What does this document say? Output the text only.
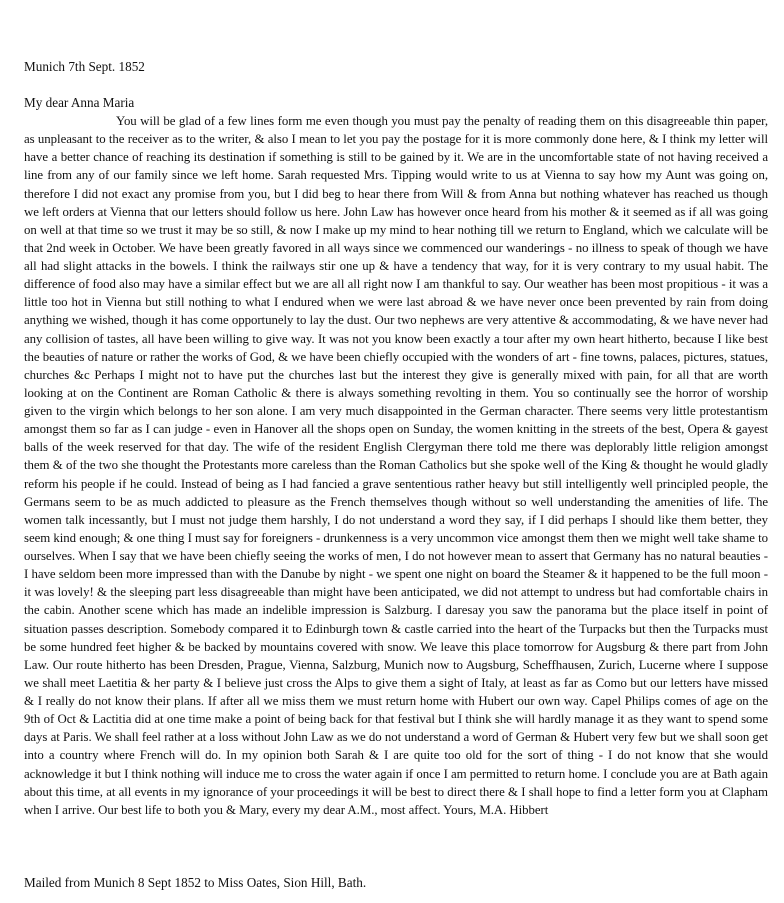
Munich 7th Sept. 1852
My dear Anna Maria

You will be glad of a few lines form me even though you must pay the penalty of reading them on this disagreeable thin paper, as unpleasant to the receiver as to the writer, & also I mean to let you pay the postage for it is more commonly done here, & I think my letter will have a better chance of reaching its destination if something is still to be gained by it. We are in the uncomfortable state of not having received a line from any of our family since we left home. Sarah requested Mrs. Tipping would write to us at Vienna to say how my Aunt was going on, therefore I did not exact any promise from you, but I did beg to hear there from Will & from Anna but nothing whatever has reached us though we left orders at Vienna that our letters should follow us here. John Law has however once heard from his mother & it seemed as if all was going on well at that time so we trust it may be so still, & now I make up my mind to hear nothing till we return to England, which we calculate will be that 2nd week in October. We have been greatly favored in all ways since we commenced our wanderings - no illness to speak of though we have all had slight attacks in the bowels. I think the railways stir one up & have a tendency that way, for it is very contrary to my usual habit. The difference of food also may have a similar effect but we are all all right now I am thankful to say. Our weather has been most propitious - it was a little too hot in Vienna but still nothing to what I endured when we were last abroad & we have never once been prevented by rain from doing anything we wished, though it has come opportunely to lay the dust. Our two nephews are very attentive & accommodating, & we have never had any collision of tastes, all have been willing to give way. It was not you know been exactly a tour after my own heart hitherto, because I like best the beauties of nature or rather the works of God, & we have been chiefly occupied with the wonders of art - fine towns, palaces, pictures, statues, churches &c Perhaps I might not to have put the churches last but the interest they give is generally mixed with pain, for all that are worth looking at on the Continent are Roman Catholic & there is always something revolting in them. You so continually see the horror of worship given to the virgin which belongs to her son alone. I am very much disappointed in the German character. There seems very little protestantism amongst them so far as I can judge - even in Hanover all the shops open on Sunday, the women knitting in the streets of the best, Opera & gayest balls of the week reserved for that day. The wife of the resident English Clergyman there told me there was deplorably little religion amongst them & of the two she thought the Protestants more careless than the Roman Catholics but she spoke well of the King & thought he would gladly reform his people if he could. Instead of being as I had fancied a grave sententious rather heavy but still intelligently well principled people, the Germans seem to be as much addicted to pleasure as the French themselves though without so well understanding the amenities of life. The women talk incessantly, but I must not judge them harshly, I do not understand a word they say, if I did perhaps I should like them better, they seem kind enough; & one thing I must say for foreigners - drunkenness is a very uncommon vice amongst them then we might well take shame to ourselves. When I say that we have been chiefly seeing the works of men, I do not however mean to assert that Germany has no natural beauties - I have seldom been more impressed than with the Danube by night - we spent one night on board the Steamer & it happened to be the full moon - it was lovely! & the sleeping part less disagreeable than might have been anticipated, we did not attempt to undress but had comfortable chairs in the cabin. Another scene which has made an indelible impression is Salzburg. I daresay you saw the panorama but the place itself in point of situation passes description. Somebody compared it to Edinburgh town & castle carried into the heart of the Turpacks but then the Turpacks must be some hundred feet higher & be backed by mountains covered with snow. We leave this place tomorrow for Augsburg & there part from John Law. Our route hitherto has been Dresden, Prague, Vienna, Salzburg, Munich now to Augsburg, Scheffhausen, Zurich, Lucerne where I suppose we shall meet Laetitia & her party & I believe just cross the Alps to give them a sight of Italy, at least as far as Como but our letters have missed & I really do not know their plans. If after all we miss them we must return home with Hubert our own way. Capel Philips comes of age on the 9th of Oct & Lactitia did at one time make a point of being back for that festival but I think she will hardly manage it as they want to spend some days at Paris. We shall feel rather at a loss without John Law as we do not understand a word of German & Hubert very few but we shall soon get into a country where French will do. In my opinion both Sarah & I are quite too old for the sort of thing - I do not know that she would acknowledge it but I think nothing will induce me to cross the water again if once I am permitted to return home. I conclude you are at Bath again about this time, at all events in my ignorance of your proceedings it will be best to direct there & I shall hope to find a letter form you at Clapham when I arrive. Our best life to both you & Mary, every my dear A.M., most affect. Yours, M.A. Hibbert

Mailed from Munich 8 Sept 1852 to Miss Oates, Sion Hill, Bath.
